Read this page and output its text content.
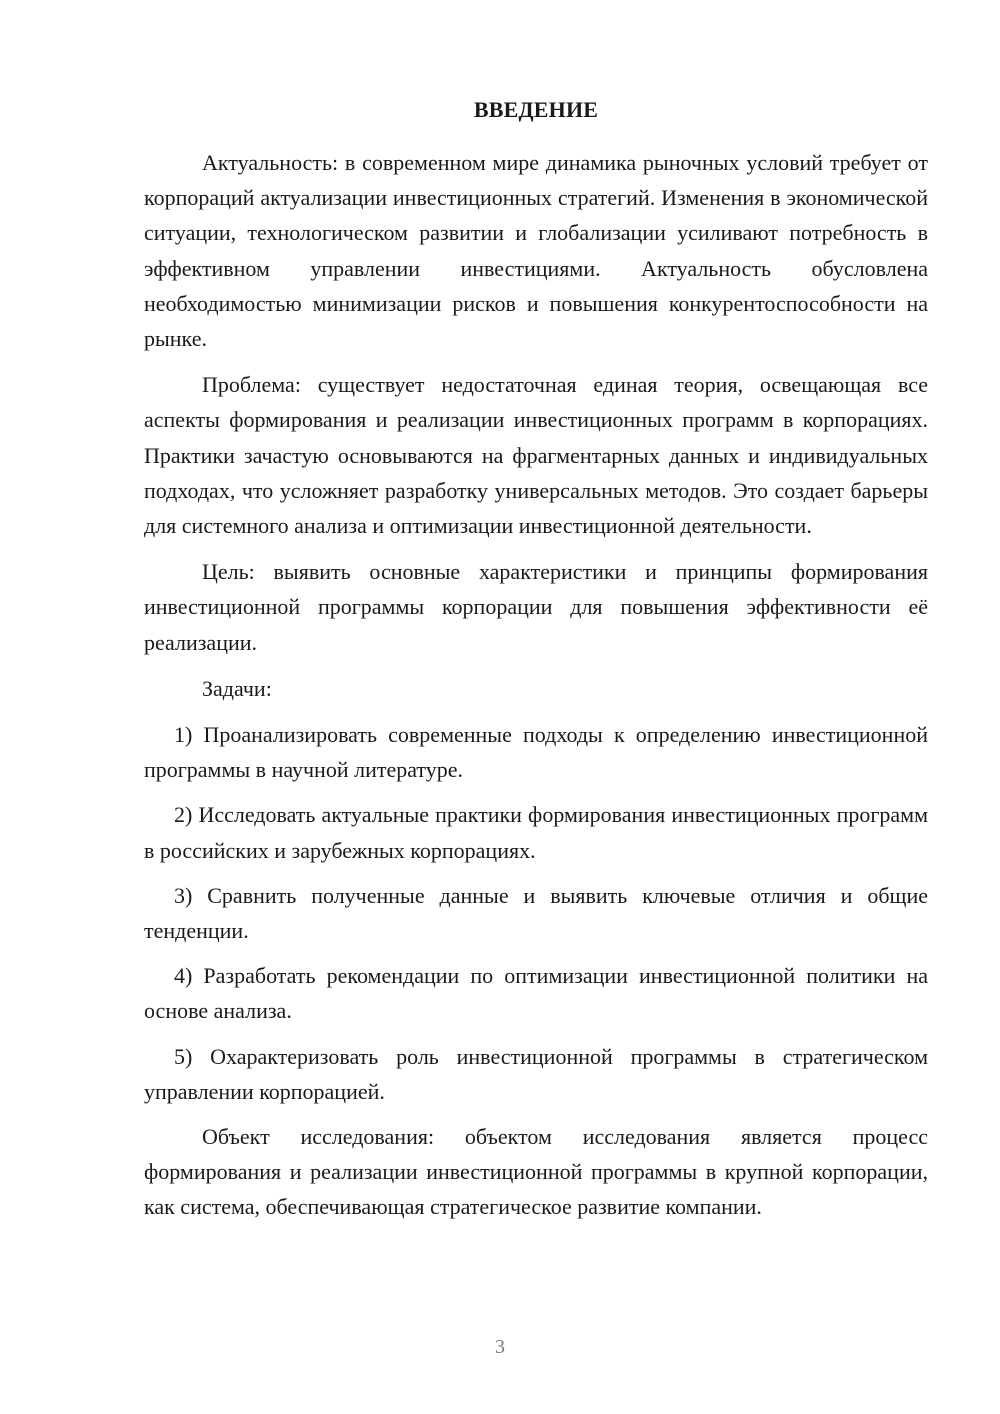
ВВЕДЕНИЕ

Актуальность: в современном мире динамика рыночных условий требует от корпораций актуализации инвестиционных стратегий. Изменения в экономической ситуации, технологическом развитии и глобализации усиливают потребность в эффективном управлении инвестициями. Актуальность обусловлена необходимостью минимизации рисков и повышения конкурентоспособности на рынке.

Проблема: существует недостаточная единая теория, освещающая все аспекты формирования и реализации инвестиционных программ в корпорациях. Практики зачастую основываются на фрагментарных данных и индивидуальных подходах, что усложняет разработку универсальных методов. Это создает барьеры для системного анализа и оптимизации инвестиционной деятельности.

Цель: выявить основные характеристики и принципы формирования инвестиционной программы корпорации для повышения эффективности её реализации.

Задачи:

1) Проанализировать современные подходы к определению инвестиционной программы в научной литературе.

2) Исследовать актуальные практики формирования инвестиционных программ в российских и зарубежных корпорациях.

3) Сравнить полученные данные и выявить ключевые отличия и общие тенденции.

4) Разработать рекомендации по оптимизации инвестиционной политики на основе анализа.

5) Охарактеризовать роль инвестиционной программы в стратегическом управлении корпорацией.

Объект исследования: объектом исследования является процесс формирования и реализации инвестиционной программы в крупной корпорации, как система, обеспечивающая стратегическое развитие компании.

3
